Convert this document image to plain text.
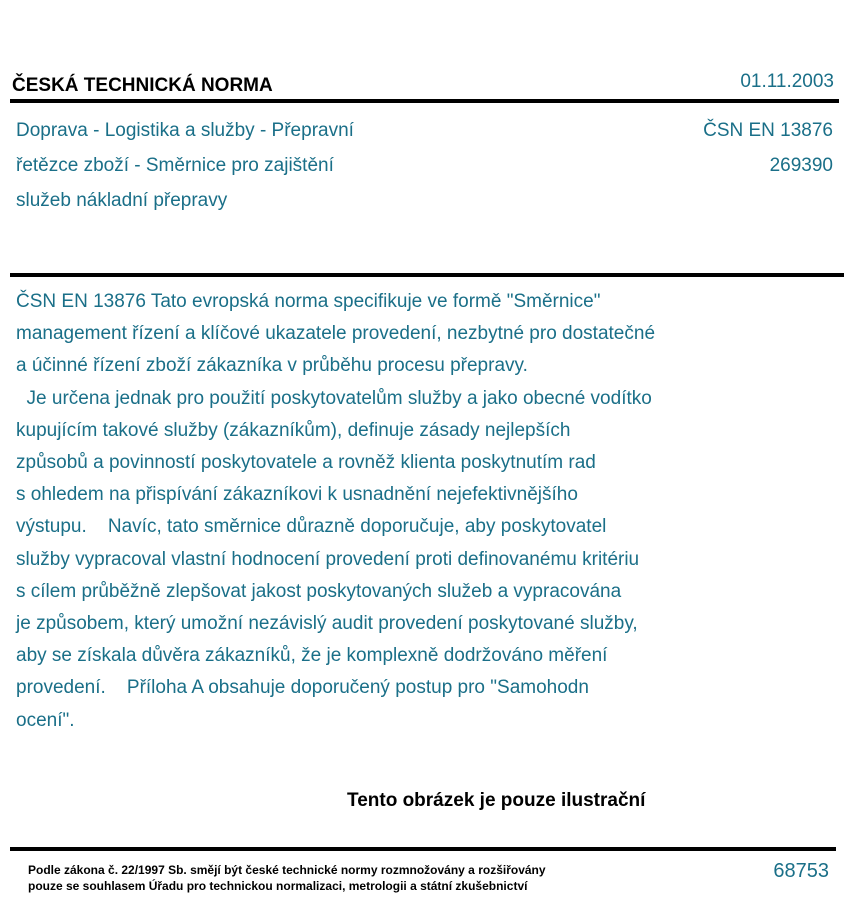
ČESKÁ TECHNICKÁ NORMA	01.11.2003
Doprava - Logistika a služby - Přepravní
řetězce zboží - Směrnice pro zajištění
služeb nákladní přepravy
ČSN EN 13876
269390
ČSN EN 13876 Tato evropská norma specifikuje ve formě "Směrnice"
management řízení a klíčové ukazatele provedení, nezbytné pro dostatečné
a účinné řízení zboží zákazníka v průběhu procesu přepravy.
Je určena jednak pro použití poskytovatelům služby a jako obecné vodítko
kupujícím takové služby (zákazníkům), definuje zásady nejlepších
způsobů a povinností poskytovatele a rovněž klienta poskytnutím rad
s ohledem na přispívání zákazníkovi k usnadnění nejefektivnějšího
výstupu.    Navíc, tato směrnice důrazně doporučuje, aby poskytovatel
služby vypracoval vlastní hodnocení provedení proti definovanému kritériu
s cílem průběžně zlepšovat jakost poskytovaných služeb a vypracována
je způsobem, který umožní nezávislý audit provedení poskytované služby,
aby se získala důvěra zákazníků, že je komplexně dodržováno měření
provedení.    Příloha A obsahuje doporučený postup pro "Samohodn
ocení".
Tento obrázek je pouze ilustrační
Podle zákona č. 22/1997 Sb. smějí být české technické normy rozmnožovány a rozšiřovány
pouze se souhlasem Úřadu pro technickou normalizaci, metrologii a státní zkušebnictví
68753
